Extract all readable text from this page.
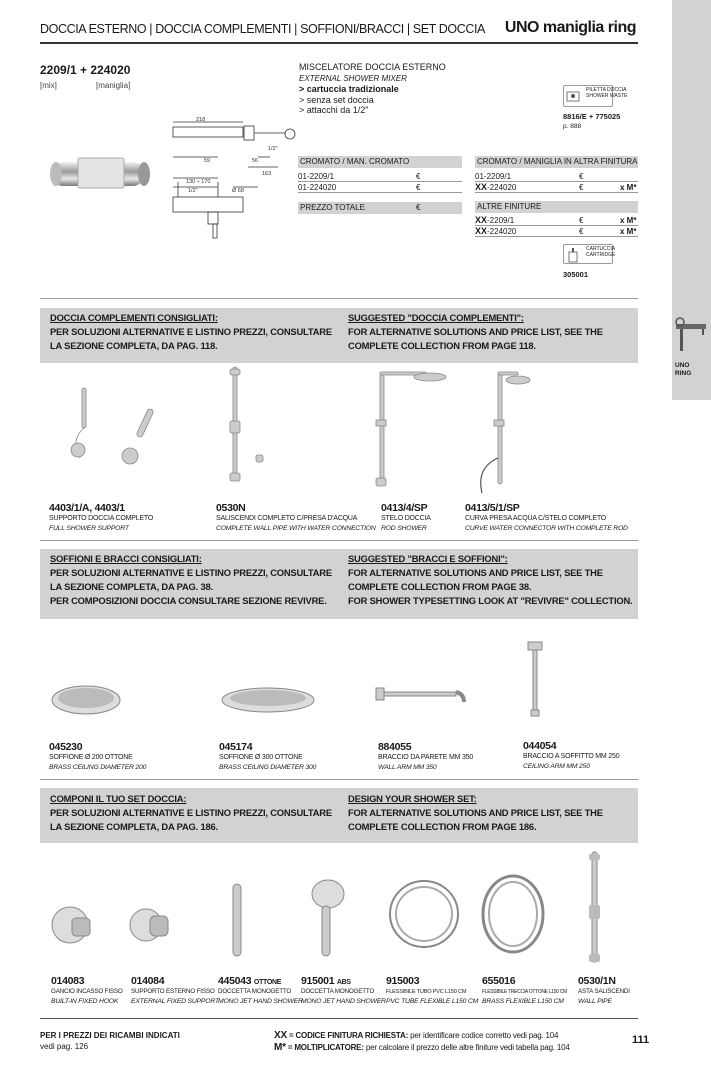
DOCCIA ESTERNO | DOCCIA COMPLEMENTI | SOFFIONI/BRACCI | SET DOCCIA UNO maniglia ring
UNO
RING
2209/1 + 224020
[mix]	[maniglia]
218
1/2"
59	56
163
130 ÷ 170
1/2"	Ø 68
MISCELATORE DOCCIA ESTERNO
EXTERNAL SHOWER MIXER
> cartuccia tradizionale
> senza set doccia
> attacchi da 1/2"
PILETTA DOCCIA
SHOWER WASTE
8816/E + 775025
p. 888
CROMATO / MAN. CROMATO
01-2209/1	€
01-224020	€
PREZZO TOTALE	€
CROMATO / MANIGLIA IN ALTRA FINITURA
01-2209/1	€
XX-224020	€	x M*
ALTRE FINITURE
XX-2209/1	€	x M*
XX-224020	€	x M*
CARTUCCIA
CARTRIDGE
305001
DOCCIA COMPLEMENTI CONSIGLIATI:
PER SOLUZIONI ALTERNATIVE E LISTINO PREZZI, CONSULTARE
LA SEZIONE COMPLETA, DA PAG. 118.
SUGGESTED "DOCCIA COMPLEMENTI":
FOR ALTERNATIVE SOLUTIONS AND PRICE LIST, SEE THE
COMPLETE COLLECTION FROM PAGE 118.
4403/1/A, 4403/1
SUPPORTO DOCCIA COMPLETO
FULL SHOWER SUPPORT
0530N
SALISCENDI COMPLETO C/PRESA D'ACQUA
COMPLETE WALL PIPE WITH WATER CONNECTION
0413/4/SP
STELO DOCCIA
ROD SHOWER
0413/5/1/SP
CURVA PRESA ACQUA C/STELO COMPLETO
CURVE WATER CONNECTOR WITH COMPLETE ROD
SOFFIONI E BRACCI CONSIGLIATI:
PER SOLUZIONI ALTERNATIVE E LISTINO PREZZI, CONSULTARE
LA SEZIONE COMPLETA, DA PAG. 38.
PER COMPOSIZIONI DOCCIA CONSULTARE SEZIONE REVIVRE.
SUGGESTED "BRACCI E SOFFIONI":
FOR ALTERNATIVE SOLUTIONS AND PRICE LIST, SEE THE
COMPLETE COLLECTION FROM PAGE 38.
FOR SHOWER TYPESETTING LOOK AT "REVIVRE" COLLECTION.
045230
SOFFIONE Ø 200 OTTONE
BRASS CEILING DIAMETER 200
045174
SOFFIONE Ø 300 OTTONE
BRASS CEILING DIAMETER 300
884055
BRACCIO DA PARETE MM 350
WALL ARM MM 350
044054
BRACCIO A SOFFITTO MM 250
CEILING ARM MM 250
COMPONI IL TUO SET DOCCIA:
PER SOLUZIONI ALTERNATIVE E LISTINO PREZZI, CONSULTARE
LA SEZIONE COMPLETA, DA PAG. 186.
DESIGN YOUR SHOWER SET:
FOR ALTERNATIVE SOLUTIONS AND PRICE LIST, SEE THE
COMPLETE COLLECTION FROM PAGE 186.
014083
GANCIO INCASSO FISSO
BUILT-IN FIXED HOOK
014084
SUPPORTO ESTERNO FISSO
EXTERNAL FIXED SUPPORT
445043 OTTONE
DOCCETTA MONOGETTO
MONO JET HAND SHOWER
915001 ABS
DOCCETTA MONOGETTO
MONO JET HAND SHOWER
915003
FLESSIBILE TUBO PVC L150 CM
PVC TUBE FLEXIBLE L150 CM
655016
FLESSIBILE TRECCIA OTTONE L150 CM
BRASS FLEXIBLE L150 CM
0530/1N
ASTA SALISCENDI
WALL PIPE
PER I PREZZI DEI RICAMBI INDICATI
vedi pag. 126
XX = CODICE FINITURA RICHIESTA: per identificare codice corretto vedi pag. 104
M* = MOLTIPLICATORE: per calcolare il prezzo delle altre finiture vedi tabella pag. 104
111
